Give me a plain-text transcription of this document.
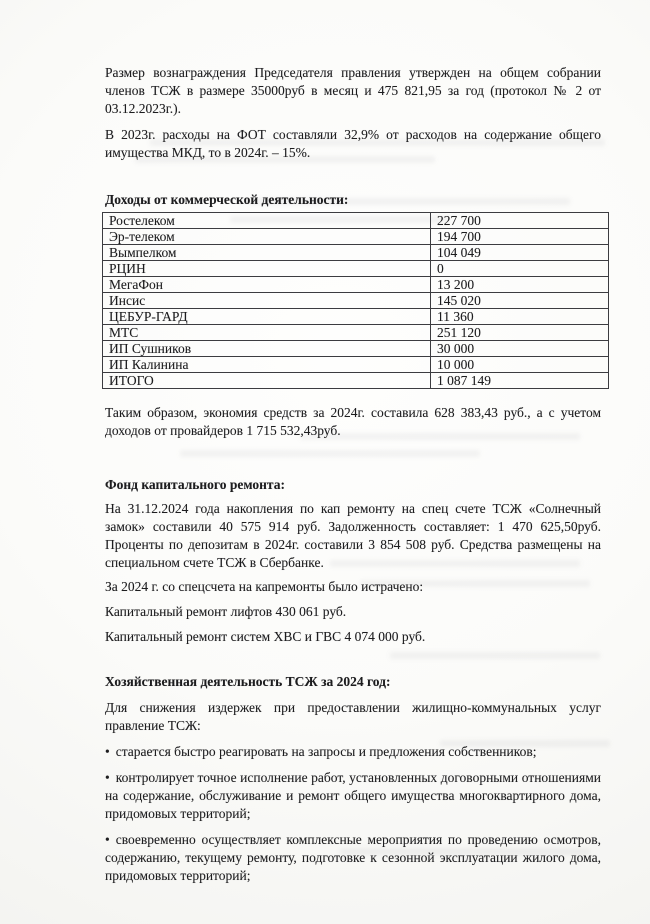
Размер вознаграждения Председателя правления утвержден на общем собрании членов ТСЖ в размере 35000руб в месяц и 475 821,95 за год (протокол № 2 от 03.12.2023г.).

В 2023г. расходы на ФОТ составляли 32,9% от расходов на содержание общего имущества МКД, то в 2024г. – 15%.

Доходы от коммерческой деятельности:
Ростелеком	227 700
Эр-телеком	194 700
Вымпелком	104 049
РЦИН	0
МегаФон	13 200
Инсис	145 020
ЦЕБУР-ГАРД	11 360
МТС	251 120
ИП Сушников	30 000
ИП Калинина	10 000
ИТОГО	1 087 149

Таким образом, экономия средств за 2024г. составила 628 383,43 руб., а с учетом доходов от провайдеров 1 715 532,43руб.

Фонд капитального ремонта:

На 31.12.2024 года накопления по кап ремонту на спец счете ТСЖ «Солнечный замок» составили 40 575 914 руб. Задолженность составляет: 1 470 625,50руб. Проценты по депозитам в 2024г. составили 3 854 508 руб. Средства размещены на специальном счете ТСЖ в Сбербанке.

За 2024 г. со спецсчета на капремонты было истрачено:

Капитальный ремонт лифтов 430 061 руб.

Капитальный ремонт систем ХВС и ГВС 4 074 000 руб.

Хозяйственная деятельность ТСЖ за 2024 год:

Для снижения издержек при предоставлении жилищно-коммунальных услуг правление ТСЖ:

• старается быстро реагировать на запросы и предложения собственников;
• контролирует точное исполнение работ, установленных договорными отношениями на содержание, обслуживание и ремонт общего имущества многоквартирного дома, придомовых территорий;
• своевременно осуществляет комплексные мероприятия по проведению осмотров, содержанию, текущему ремонту, подготовке к сезонной эксплуатации жилого дома, придомовых территорий;
